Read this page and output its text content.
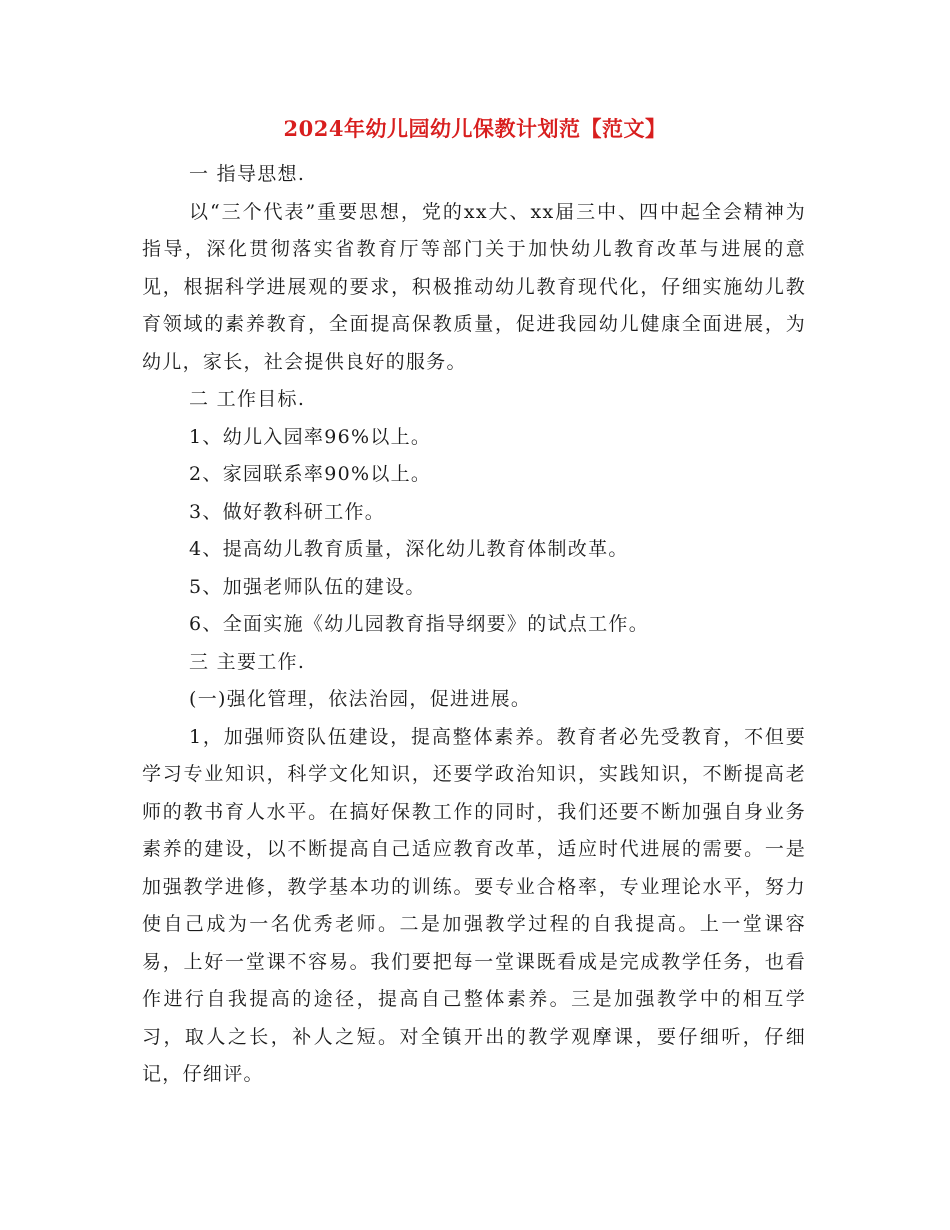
2024年幼儿园幼儿保教计划范【范文】

一 指导思想.

以“三个代表”重要思想，党的xx大、xx届三中、四中起全会精神为指导，深化贯彻落实省教育厅等部门关于加快幼儿教育改革与进展的意见，根据科学进展观的要求，积极推动幼儿教育现代化，仔细实施幼儿教育领域的素养教育，全面提高保教质量，促进我园幼儿健康全面进展，为幼儿，家长，社会提供良好的服务。

二 工作目标.

1、幼儿入园率96%以上。

2、家园联系率90%以上。

3、做好教科研工作。

4、提高幼儿教育质量，深化幼儿教育体制改革。

5、加强老师队伍的建设。

6、全面实施《幼儿园教育指导纲要》的试点工作。

三 主要工作.

(一)强化管理，依法治园，促进进展。

1，加强师资队伍建设，提高整体素养。教育者必先受教育，不但要学习专业知识，科学文化知识，还要学政治知识，实践知识，不断提高老师的教书育人水平。在搞好保教工作的同时，我们还要不断加强自身业务素养的建设，以不断提高自己适应教育改革，适应时代进展的需要。一是加强教学进修，教学基本功的训练。要专业合格率，专业理论水平，努力使自己成为一名优秀老师。二是加强教学过程的自我提高。上一堂课容易，上好一堂课不容易。我们要把每一堂课既看成是完成教学任务，也看作进行自我提高的途径，提高自己整体素养。三是加强教学中的相互学习，取人之长，补人之短。对全镇开出的教学观摩课，要仔细听，仔细记，仔细评。
